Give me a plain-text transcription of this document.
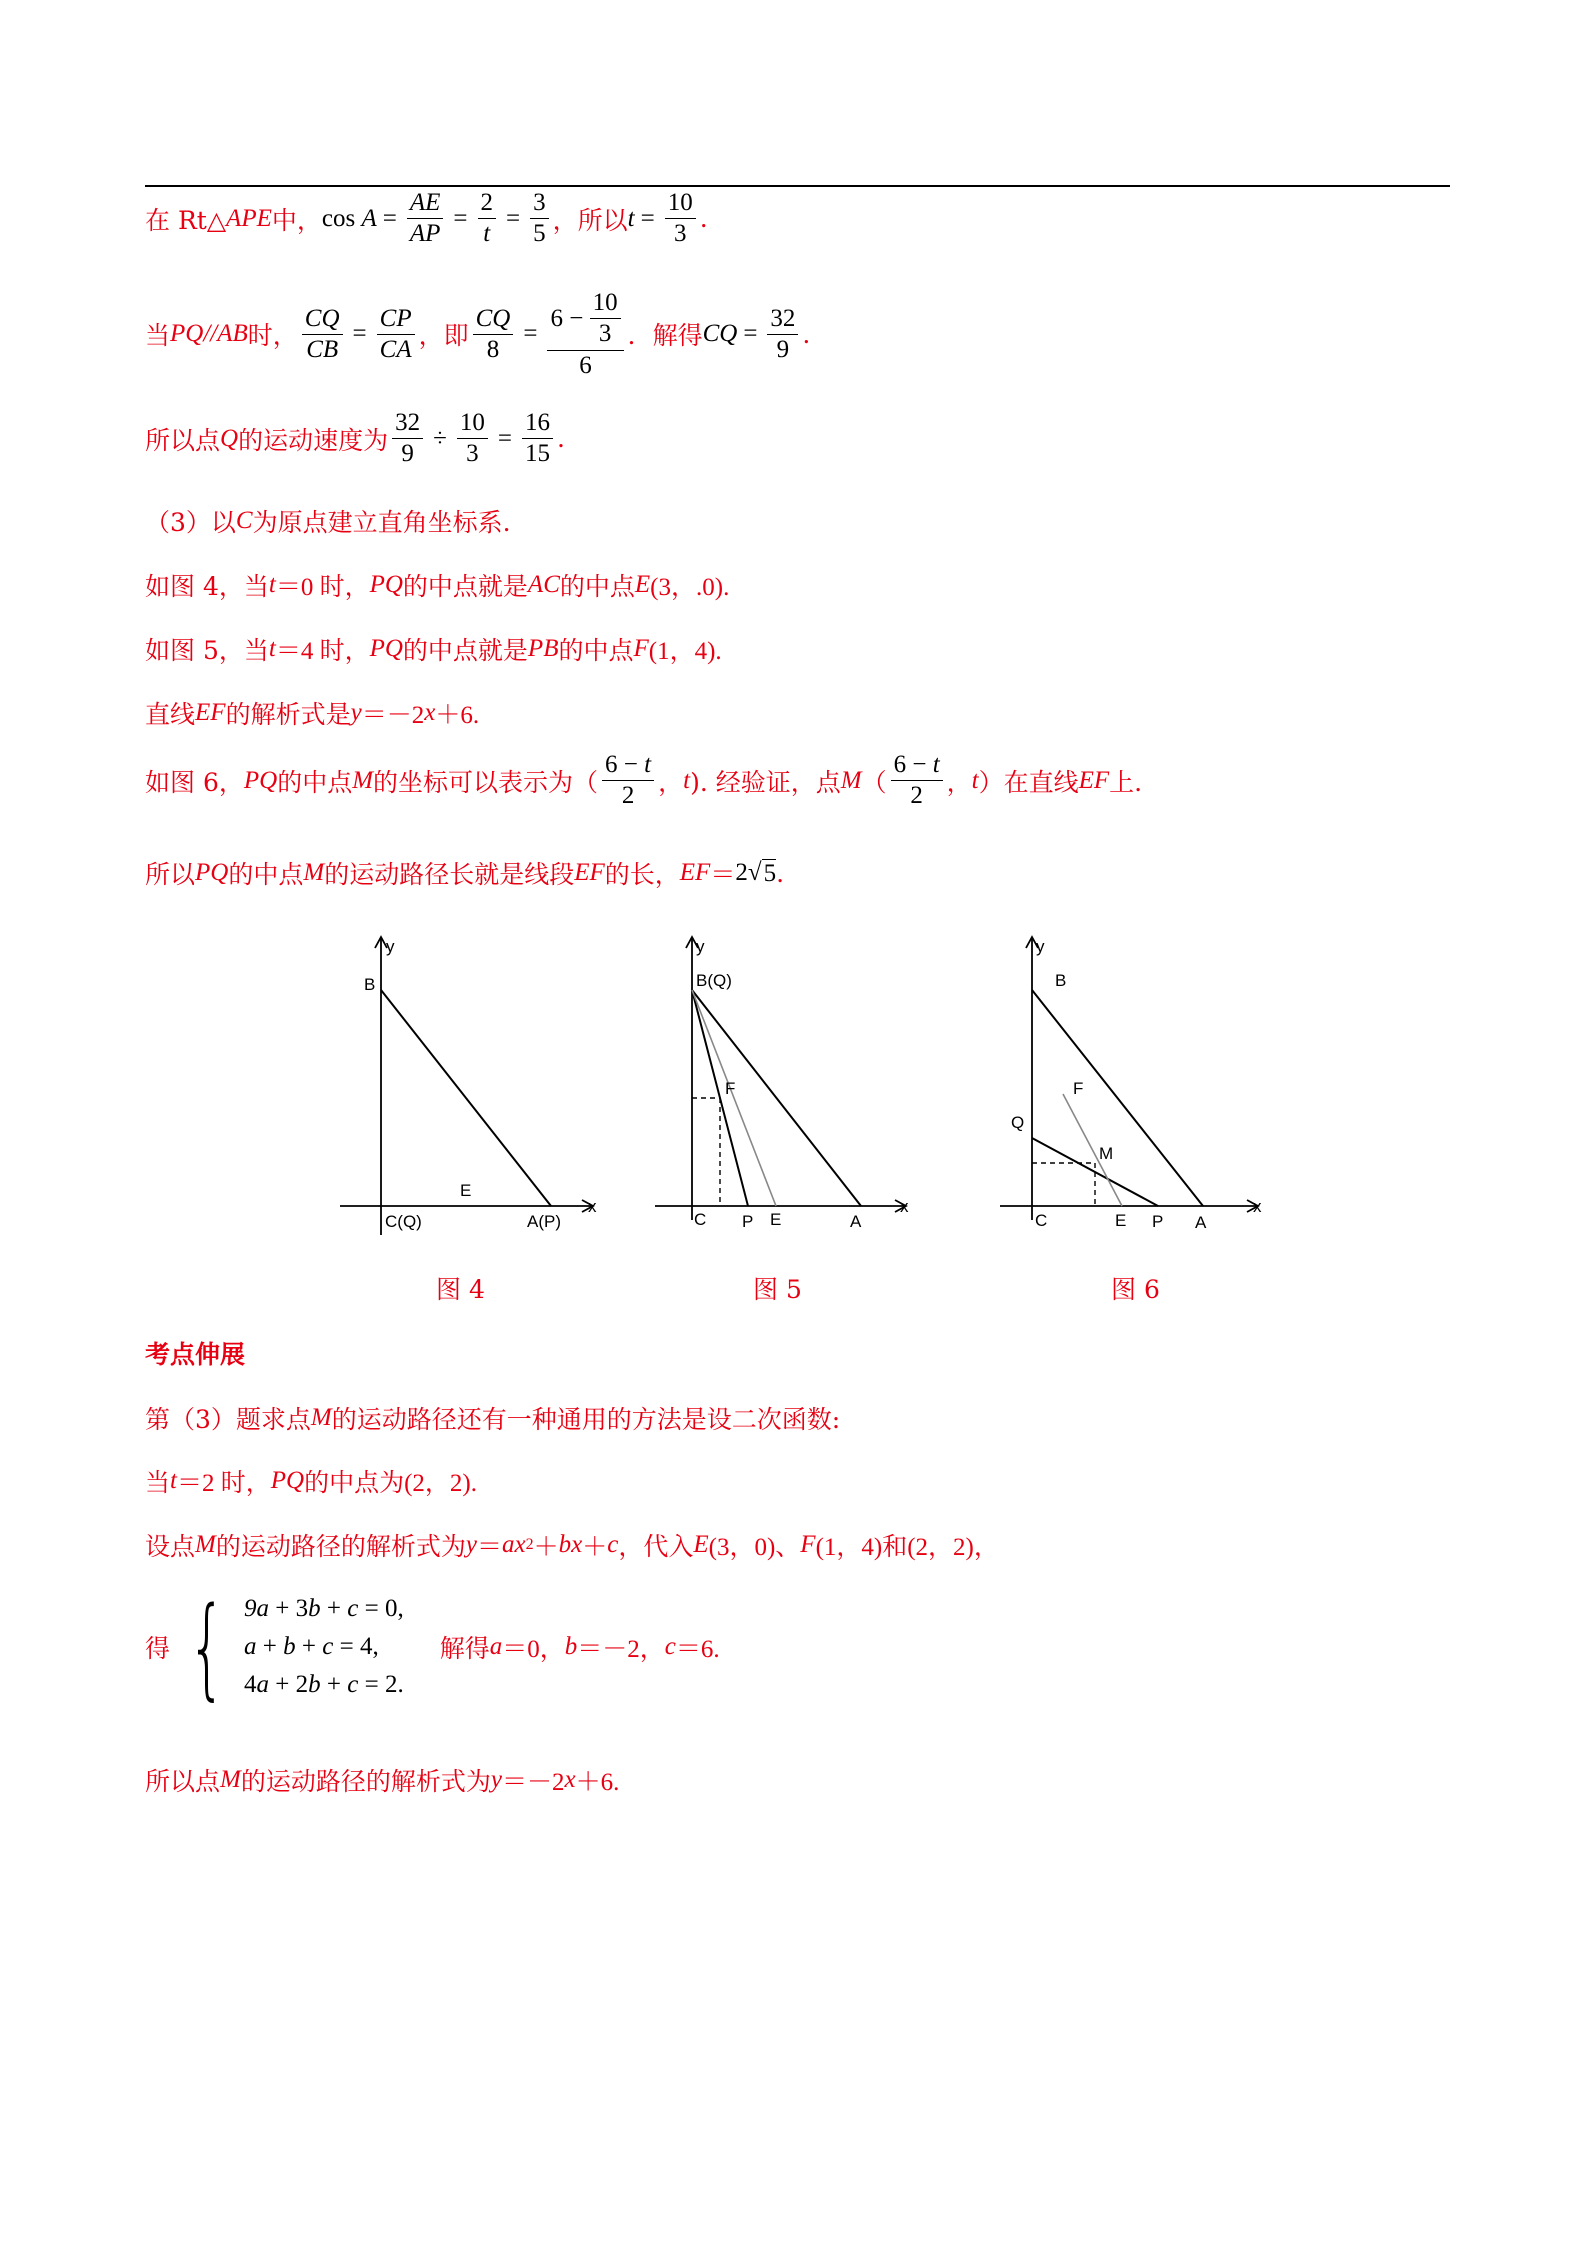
在 Rt△ APE 中， $\cos A = \frac{AE}{AP} = \frac{2}{t} = \frac{3}{5}$ ，所以 $t = \frac{10}{3}$ .
当 PQ//AB 时， $\frac{CQ}{CB} = \frac{CP}{CA}$ ，即 $\frac{CQ}{8} = \frac{6 - \frac{10}{3}}{6}$ ．解得 CQ = $\frac{32}{9}$ .
所以点 Q 的运动速度为 $\frac{32}{9} \div \frac{10}{3} = \frac{16}{15}$ .
（3）以 C 为原点建立直角坐标系.
如图 4，当 t ＝0 时， PQ 的中点就是 AC 的中点 E (3，.0).
如图 5，当 t ＝4 时， PQ 的中点就是 PB 的中点 F (1，4).
直线 EF 的解析式是 y ＝－2 x ＋6.
如图 6， PQ 的中点 M 的坐标可以表示为（ $\frac{6 - t}{2}$ ， t ). 经验证，点 M （ $\frac{6 - t}{2}$ ， t ）在直线 EF 上.
所以 PQ 的中点 M 的运动路径长就是线段 EF 的长， EF ＝ 2√ 5 .
y
x
B
C(Q)
E
A(P)
图 4
y
x
B(Q)
F
C P E	A
图 5
y
x
B
F
Q
M
C	E P A
图 6
考点伸展
第（3）题求点 M 的运动路径还有一种通用的方法是设二次函数:
当 t ＝2 时， PQ 的中点为(2，2).
设点 M 的运动路径的解析式为 y ＝ ax 2 ＋ bx ＋ c ，代入 E (3，0)、 F (1，4)和(2，2)，
得 { 9a + 3b + c = 0,
a + b + c = 4,
4a + 2b + c = 2.
解得 a ＝0， b ＝－2， c ＝6.
所以点 M 的运动路径的解析式为 y ＝－2 x ＋6.
